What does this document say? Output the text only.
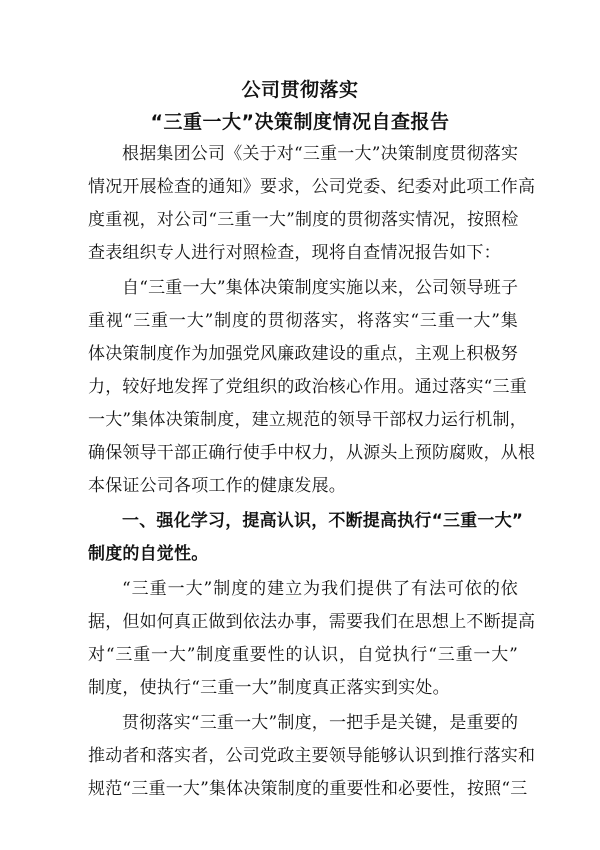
公司贯彻落实
“三重一大”决策制度情况自查报告
根据集团公司《关于对“三重一大”决策制度贯彻落实
情况开展检查的通知》要求，公司党委、纪委对此项工作高
度重视，对公司“三重一大”制度的贯彻落实情况，按照检
查表组织专人进行对照检查，现将自查情况报告如下：
自“三重一大”集体决策制度实施以来，公司领导班子
重视“三重一大”制度的贯彻落实，将落实“三重一大”集
体决策制度作为加强党风廉政建设的重点，主观上积极努
力，较好地发挥了党组织的政治核心作用。通过落实“三重
一大”集体决策制度，建立规范的领导干部权力运行机制，
确保领导干部正确行使手中权力，从源头上预防腐败，从根
本保证公司各项工作的健康发展。
一、强化学习，提高认识，不断提高执行“三重一大”
制度的自觉性。
“三重一大”制度的建立为我们提供了有法可依的依
据，但如何真正做到依法办事，需要我们在思想上不断提高
对“三重一大”制度重要性的认识，自觉执行“三重一大”
制度，使执行“三重一大”制度真正落实到实处。
贯彻落实“三重一大”制度，一把手是关键，是重要的
推动者和落实者，公司党政主要领导能够认识到推行落实和
规范“三重一大”集体决策制度的重要性和必要性，按照“三
